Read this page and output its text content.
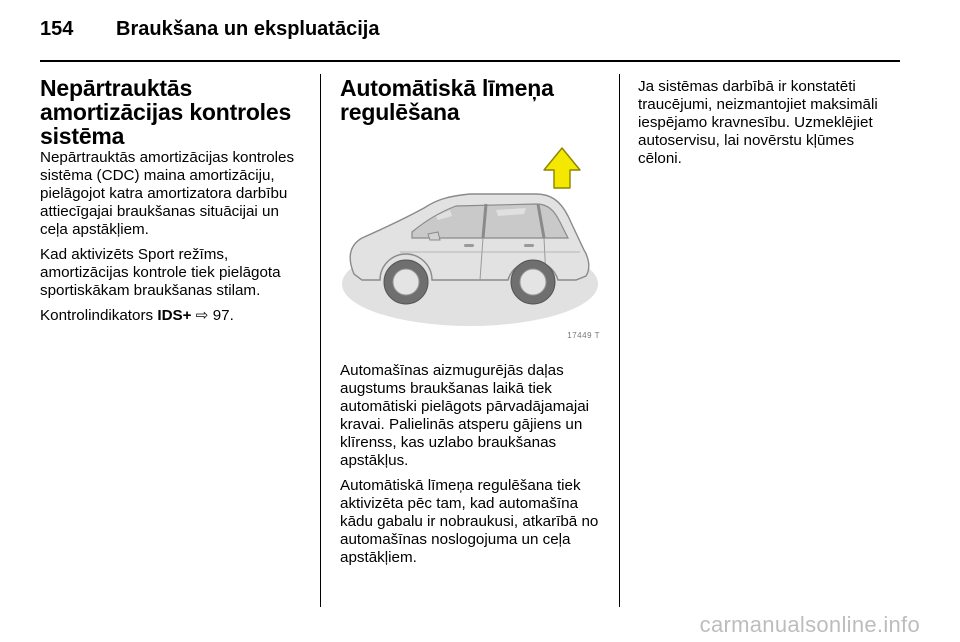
154 Braukšana un ekspluatācija
Nepārtrauktās amortizācijas kontroles sistēma

Nepārtrauktās amortizācijas kontroles sistēma (CDC) maina amortizāciju, pielāgojot katra amortizatora darbību attiecīgajai braukšanas situācijai un ceļa apstākļiem.

Kad aktivizēts Sport režīms, amortizācijas kontrole tiek pielāgota sportiskākam braukšanas stilam.

Kontrolindikators IDS+ ⇨ 97.

Automātiskā līmeņa regulēšana
17449 T

Automašīnas aizmugurējās daļas augstums braukšanas laikā tiek automātiski pielāgots pārvadājamajai kravai. Palielinās atsperu gājiens un klīrenss, kas uzlabo braukšanas apstākļus.

Automātiskā līmeņa regulēšana tiek aktivizēta pēc tam, kad automašīna kādu gabalu ir nobraukusi, atkarībā no automašīnas noslogojuma un ceļa apstākļiem.

Ja sistēmas darbībā ir konstatēti traucējumi, neizmantojiet maksimāli iespējamo kravnesību. Uzmeklējiet autoservisu, lai novērstu kļūmes cēloni.

carmanualsonline.info
